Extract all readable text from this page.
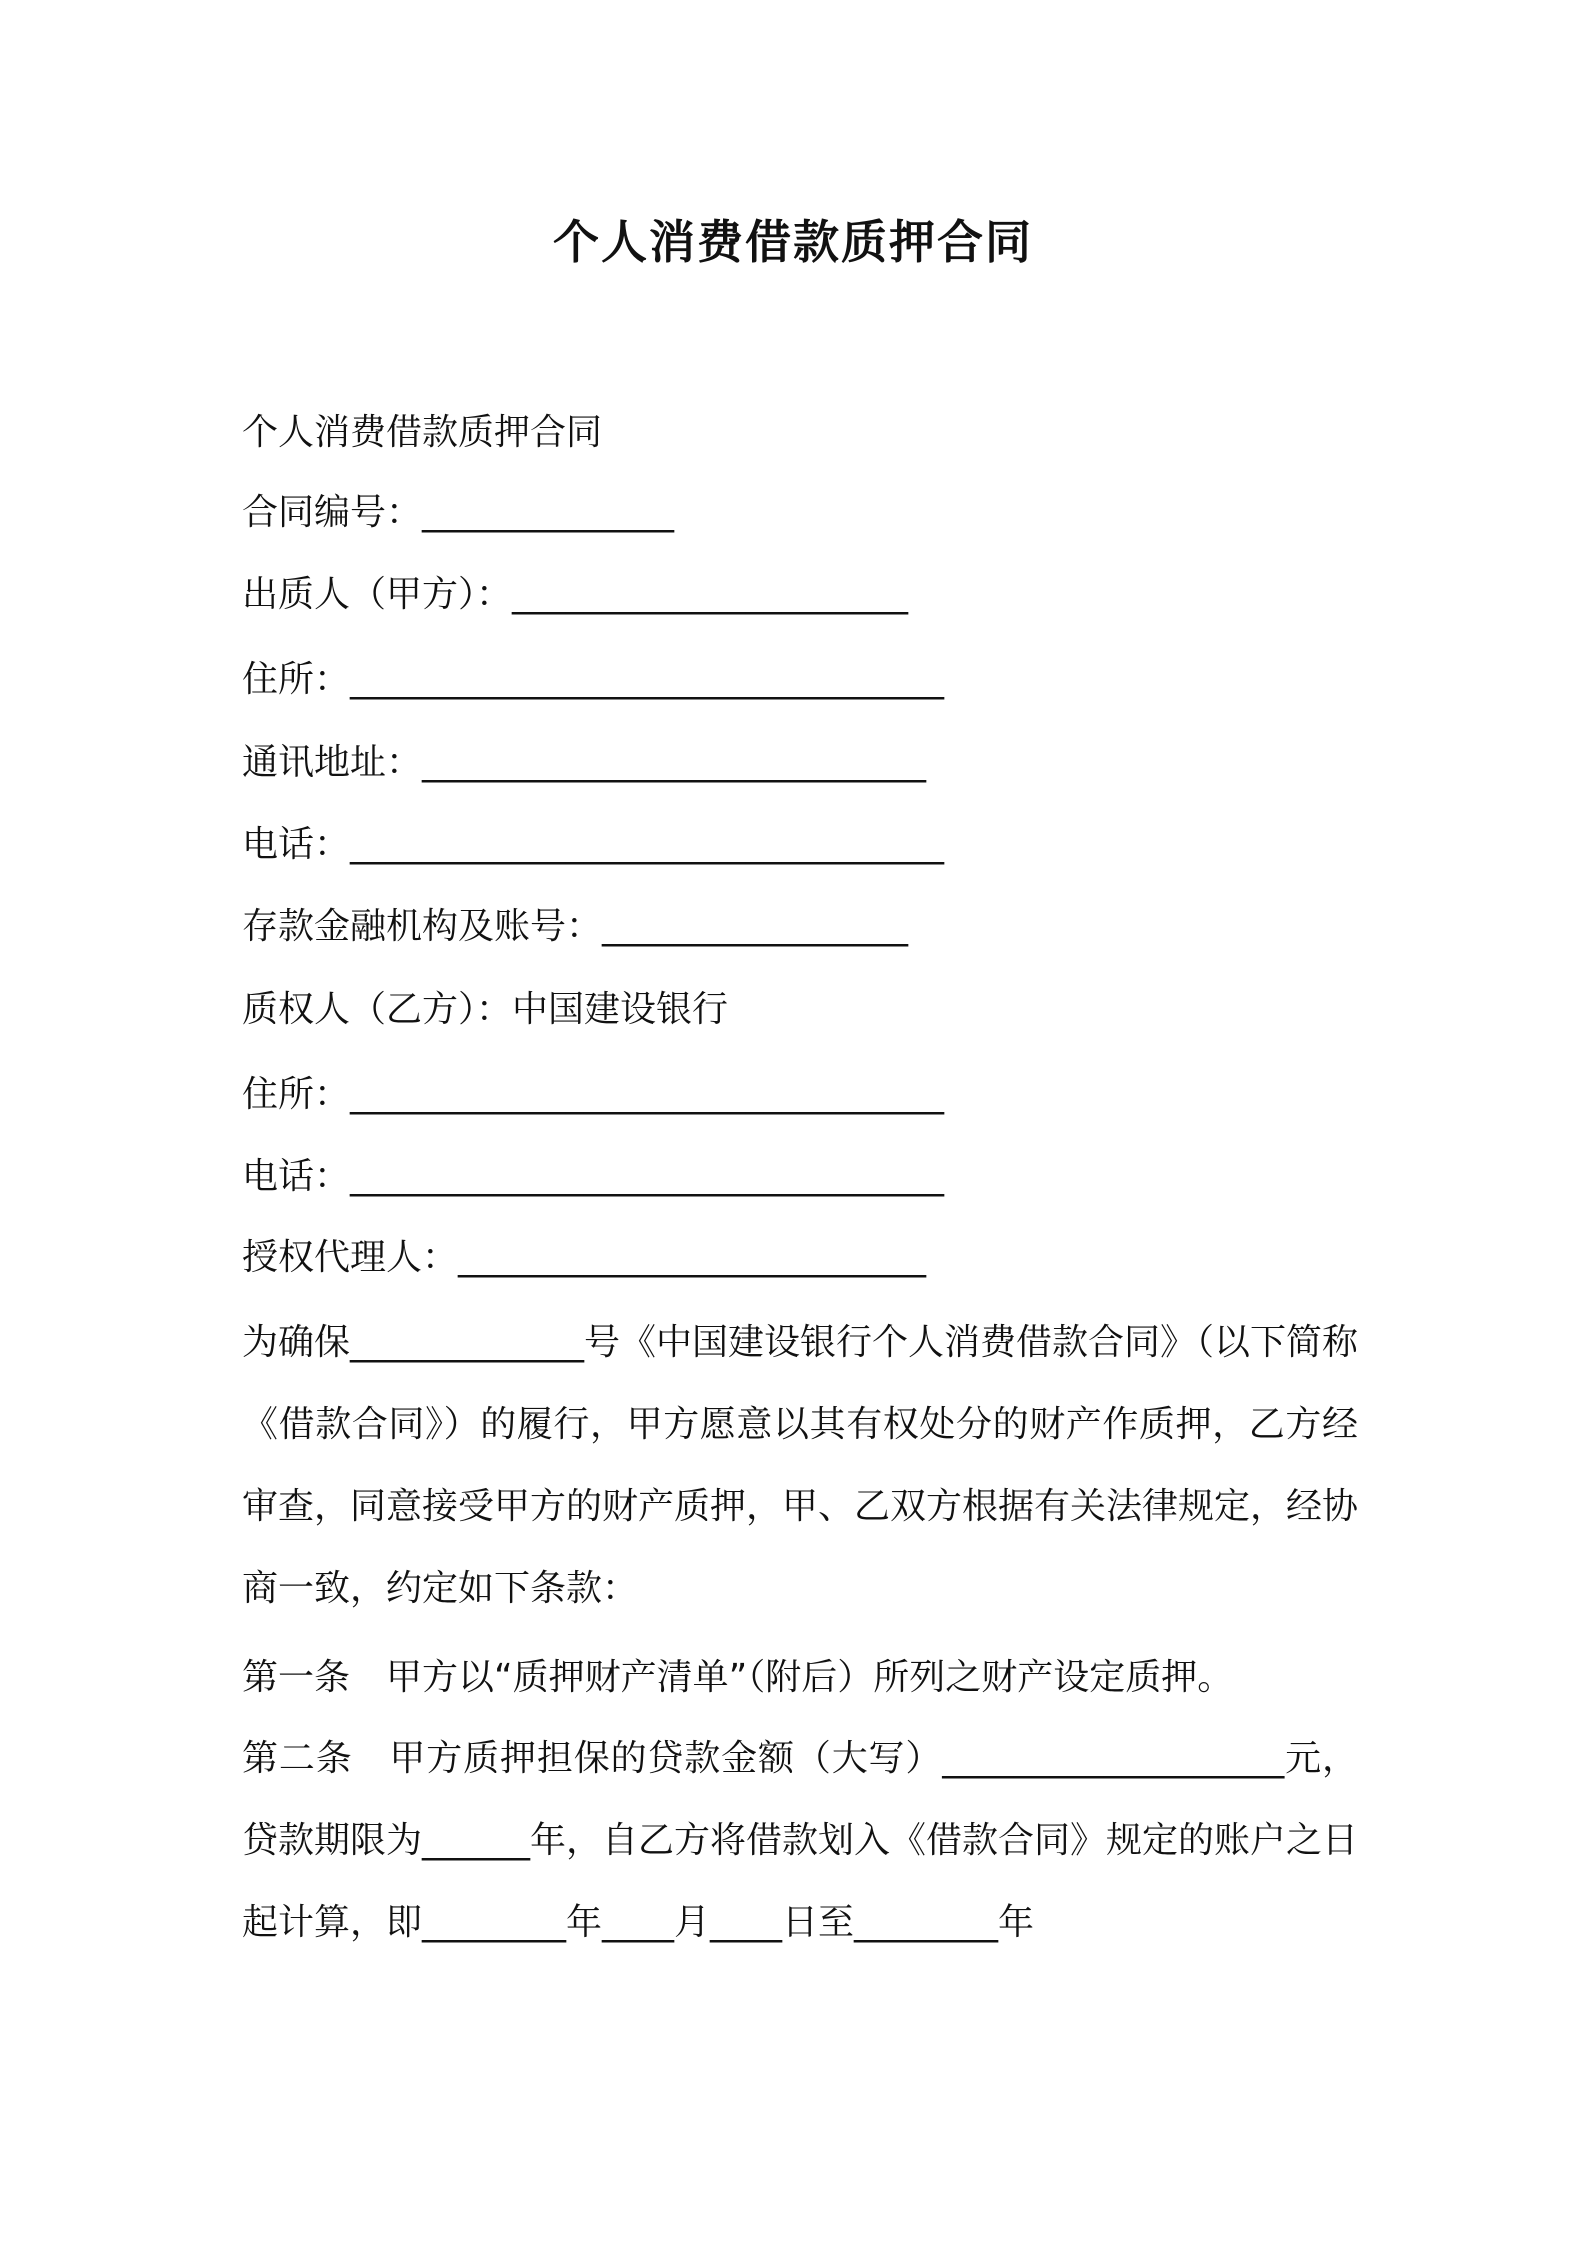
个人消费借款质押合同
个人消费借款质押合同
合同编号：______________
出质人（甲方）：______________________
住所：_________________________________
通讯地址：____________________________
电话：_________________________________
存款金融机构及账号：_________________
质权人（乙方）：中国建设银行
住所：_________________________________
电话：_________________________________
授权代理人：__________________________
为确保_____________号《中国建设银行个人消费借款合同》（以下简称《借款合同》）的履行，甲方愿意以其有权处分的财产作质押，乙方经审查，同意接受甲方的财产质押，甲、乙双方根据有关法律规定，经协商一致，约定如下条款：
第一条　甲方以“质押财产清单”（附后）所列之财产设定质押。
第二条　甲方质押担保的贷款金额（大写）___________________元，贷款期限为______年，自乙方将借款划入《借款合同》规定的账户之日起计算，即________年____月____日至________年
